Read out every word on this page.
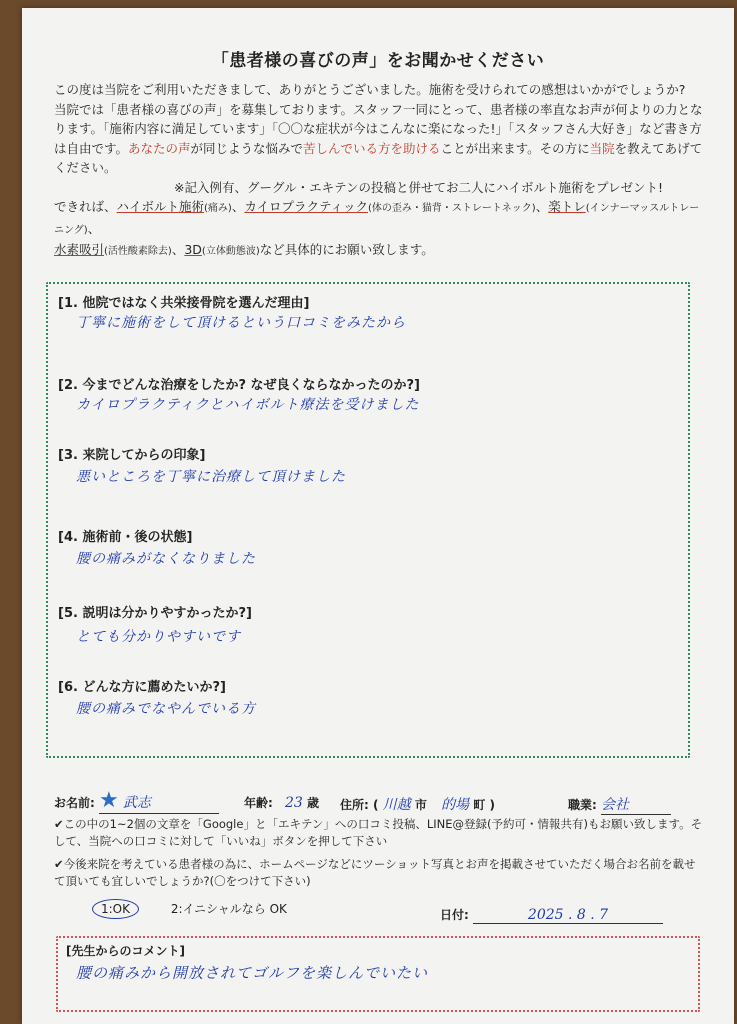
「患者様の喜びの声」をお聞かせください

この度は当院をご利用いただきまして、ありがとうございました。施術を受けられての感想はいかがでしょうか?

当院では「患者様の喜びの声」を募集しております。スタッフ一同にとって、患者様の率直なお声が何よりの力となります。「施術内容に満足しています」「〇〇な症状が今はこんなに楽になった!」「スタッフさん大好き」など書き方は自由です。あなたの声が同じような悩みで苦しんでいる方を助けることが出来ます。その方に当院を教えてあげてください。

※記入例有、グーグル・エキテンの投稿と併せてお二人にハイボルト施術をプレゼント!

できれば、ハイボルト施術(痛み)、カイロプラクティック(体の歪み・猫背・ストレートネック)、楽トレ(インナーマッスルトレーニング)、

水素吸引(活性酸素除去)、3D(立体動態波)など具体的にお願い致します。

[1. 他院ではなく共栄接骨院を選んだ理由]
丁寧に施術をして頂けるという口コミをみたから
[2. 今までどんな治療をしたか? なぜ良くならなかったのか?]
カイロプラクティクとハイボルト療法を受けました
[3. 来院してからの印象]
悪いところを丁寧に治療して頂けました
[4. 施術前・後の状態]
腰の痛みがなくなりました
[5. 説明は分かりやすかったか?]
とても分かりやすいです
[6. どんな方に薦めたいか?]
腰の痛みでなやんでいる方
お名前: ★ 武志	年齢: 23 歳 住所: ( 川越 市 的場 町 )	職業: 会社

✔この中の1~2個の文章を「Google」と「エキテン」への口コミ投稿、LINE@登録(予約可・情報共有)もお願い致します。そして、当院への口コミに対して「いいね」ボタンを押して下さい

✔今後来院を考えている患者様の為に、ホームページなどにツーショット写真とお声を掲載させていただく場合お名前を載せて頂いても宜しいでしょうか?(〇をつけて下さい)

1:OK	2:イニシャルなら OK	日付:	2025 . 8 . 7
[先生からのコメント]
腰の痛みから開放されてゴルフを楽しんでいたい
